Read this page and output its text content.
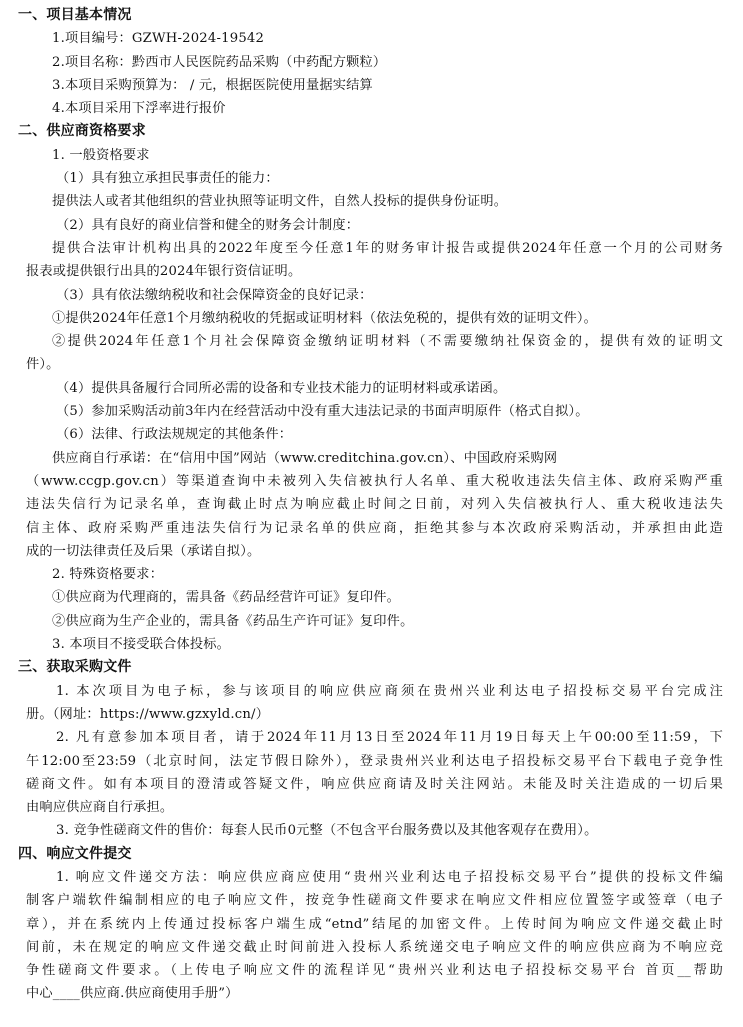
一、项目基本情况
1.项目编号：GZWH-2024-19542
2.项目名称：黔西市人民医院药品采购（中药配方颗粒）
3.本项目采购预算为： / 元，根据医院使用量据实结算
4.本项目采用下浮率进行报价
二、供应商资格要求
1. 一般资格要求
（1）具有独立承担民事责任的能力：
提供法人或者其他组织的营业执照等证明文件，自然人投标的提供身份证明。
（2）具有良好的商业信誉和健全的财务会计制度：
提供合法审计机构出具的2022年度至今任意1年的财务审计报告或提供2024年任意一个月的公司财务
报表或提供银行出具的2024年银行资信证明。
（3）具有依法缴纳税收和社会保障资金的良好记录：
①提供2024年任意1个月缴纳税收的凭据或证明材料（依法免税的，提供有效的证明文件）。
②提供2024年任意1个月社会保障资金缴纳证明材料（不需要缴纳社保资金的，提供有效的证明文
件）。
（4）提供具备履行合同所必需的设备和专业技术能力的证明材料或承诺函。
（5）参加采购活动前3年内在经营活动中没有重大违法记录的书面声明原件（格式自拟）。
（6）法律、行政法规规定的其他条件：
供应商自行承诺：在“信用中国”网站（www.creditchina.gov.cn）、中国政府采购网
（www.ccgp.gov.cn）等渠道查询中未被列入失信被执行人名单、重大税收违法失信主体、政府采购严重
违法失信行为记录名单，查询截止时点为响应截止时间之日前，对列入失信被执行人、重大税收违法失
信主体、政府采购严重违法失信行为记录名单的供应商，拒绝其参与本次政府采购活动，并承担由此造
成的一切法律责任及后果（承诺自拟）。
2. 特殊资格要求：
①供应商为代理商的，需具备《药品经营许可证》复印件。
②供应商为生产企业的，需具备《药品生产许可证》复印件。
3. 本项目不接受联合体投标。
三、获取采购文件
1. 本次项目为电子标，参与该项目的响应供应商须在贵州兴业利达电子招投标交易平台完成注
册。（网址：https://www.gzxyld.cn/）
2. 凡有意参加本项目者，请于2024年11月13日至2024年11月19日每天上午00:00至11:59，下
午12:00至23:59（北京时间，法定节假日除外），登录贵州兴业利达电子招投标交易平台下载电子竞争性
磋商文件。如有本项目的澄清或答疑文件，响应供应商请及时关注网站。未能及时关注造成的一切后果
由响应供应商自行承担。
3. 竞争性磋商文件的售价：每套人民币0元整（不包含平台服务费以及其他客观存在费用）。
四、响应文件提交
1. 响应文件递交方法：响应供应商应使用“贵州兴业利达电子招投标交易平台”提供的投标文件编
制客户端软件编制相应的电子响应文件，按竞争性磋商文件要求在响应文件相应位置签字或签章（电子
章），并在系统内上传通过投标客户端生成“etnd”结尾的加密文件。上传时间为响应文件递交截止时
间前，未在规定的响应文件递交截止时间前进入投标人系统递交电子响应文件的响应供应商为不响应竞
争性磋商文件要求。（上传电子响应文件的流程详见“贵州兴业利达电子招投标交易平台 首页__帮助
中心____供应商.供应商使用手册”）
